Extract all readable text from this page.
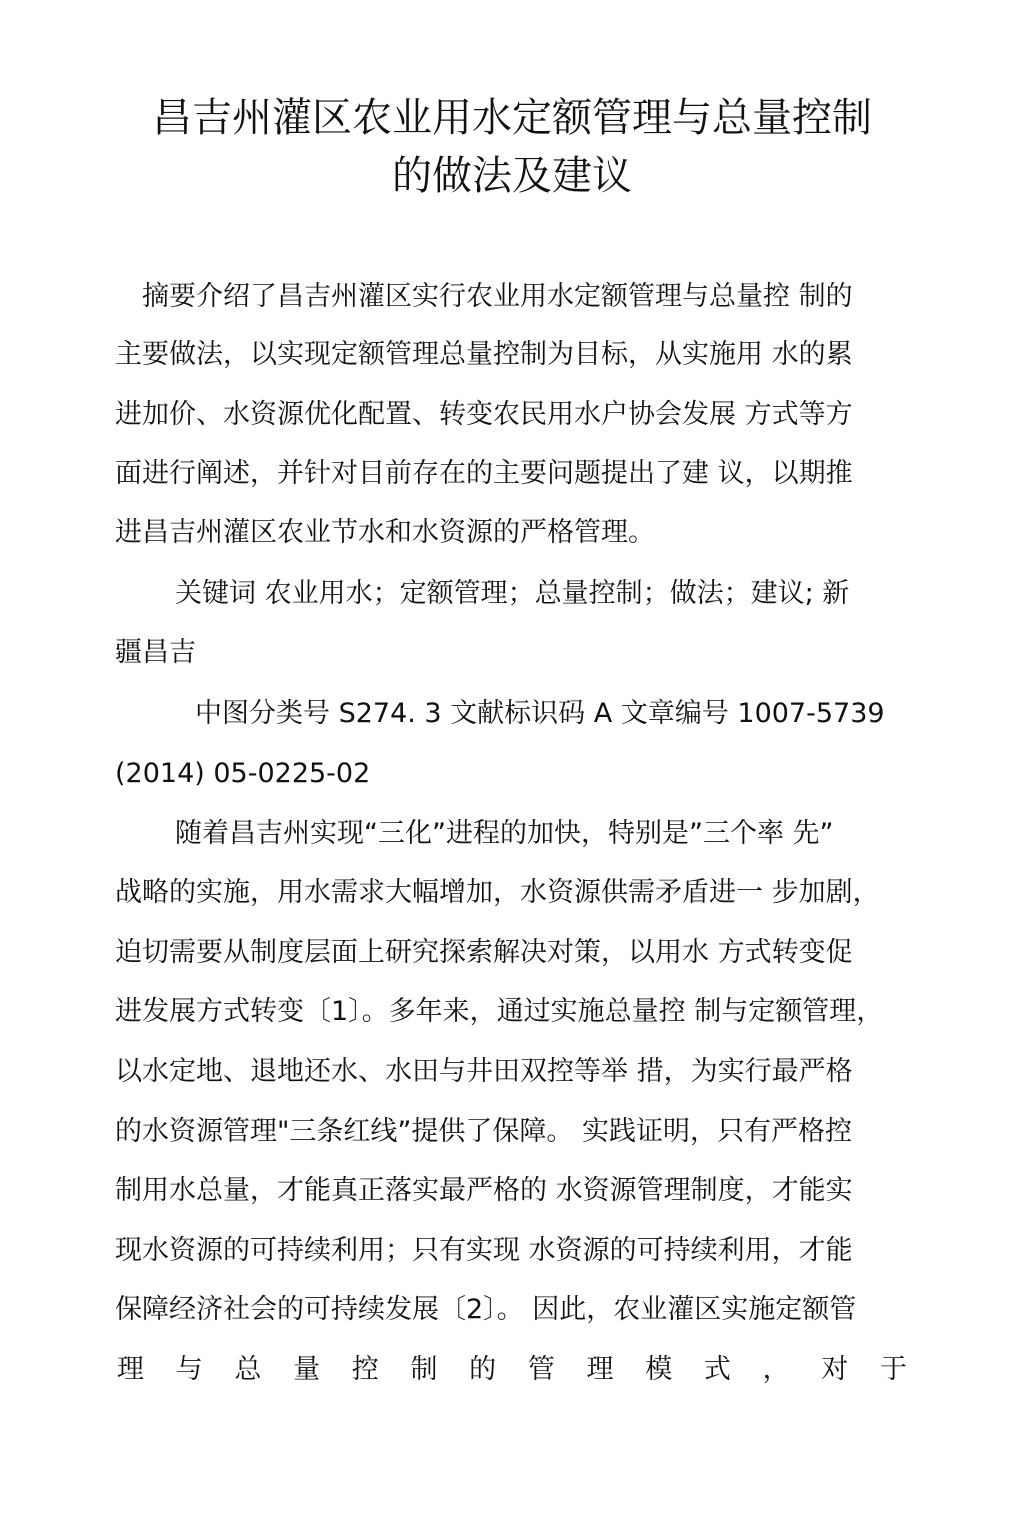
昌吉州灌区农业用水定额管理与总量控制
的做法及建议
摘要介绍了昌吉州灌区实行农业用水定额管理与总量控 制的
主要做法，以实现定额管理总量控制为目标，从实施用 水的累
进加价、水资源优化配置、转变农民用水户协会发展 方式等方
面进行阐述，并针对目前存在的主要问题提出了建 议，以期推
进昌吉州灌区农业节水和水资源的严格管理。
关键词 农业用水；定额管理；总量控制；做法；建议; 新
疆昌吉
中图分类号 S274. 3 文献标识码 A 文章编号 1007-5739
(2014) 05-0225-02
随着昌吉州实现“三化”进程的加快，特别是”三个率 先”
战略的实施，用水需求大幅增加，水资源供需矛盾进一 步加剧，
迫切需要从制度层面上研究探索解决对策，以用水 方式转变促
进发展方式转变〔1〕。多年来，通过实施总量控 制与定额管理，
以水定地、退地还水、水田与井田双控等举 措，为实行最严格
的水资源管理"三条红线”提供了保障。 实践证明，只有严格控
制用水总量，才能真正落实最严格的 水资源管理制度，才能实
现水资源的可持续利用；只有实现 水资源的可持续利用，才能
保障经济社会的可持续发展〔2〕。 因此，农业灌区实施定额管
理 与 总 量 控 制 的 管 理 模 式 ， 对 于
